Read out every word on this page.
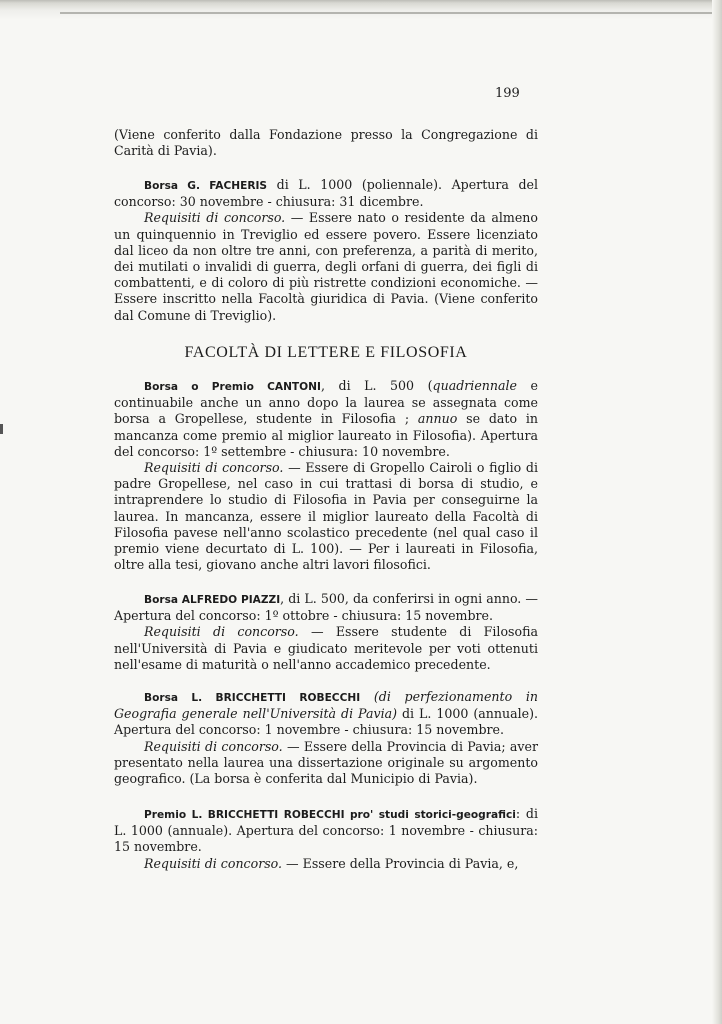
199

(Viene conferito dalla Fondazione presso la Congregazione di Carità di Pavia).

Borsa G. FACHERIS di L. 1000 (poliennale). Apertura del concorso: 30 novembre - chiusura: 31 dicembre.

Requisiti di concorso. — Essere nato o residente da almeno un quinquennio in Treviglio ed essere povero. Essere licenziato dal liceo da non oltre tre anni, con preferenza, a parità di merito, dei mutilati o invalidi di guerra, degli orfani di guerra, dei figli di combattenti, e di coloro di più ristrette condizioni economiche. — Essere inscritto nella Facoltà giuridica di Pavia. (Viene conferito dal Comune di Treviglio).

FACOLTÀ DI LETTERE E FILOSOFIA

Borsa o Premio CANTONI, di L. 500 (quadriennale e continuabile anche un anno dopo la laurea se assegnata come borsa a Gropellese, studente in Filosofia ; annuo se dato in mancanza come premio al miglior laureato in Filosofia). Apertura del concorso: 1º settembre - chiusura: 10 novembre.

Requisiti di concorso. — Essere di Gropello Cairoli o figlio di padre Gropellese, nel caso in cui trattasi di borsa di studio, e intraprendere lo studio di Filosofia in Pavia per conseguirne la laurea. In mancanza, essere il miglior laureato della Facoltà di Filosofia pavese nell'anno scolastico precedente (nel qual caso il premio viene decurtato di L. 100). — Per i laureati in Filosofia, oltre alla tesi, giovano anche altri lavori filosofici.

Borsa ALFREDO PIAZZI, di L. 500, da conferirsi in ogni anno. — Apertura del concorso: 1º ottobre - chiusura: 15 novembre.

Requisiti di concorso. — Essere studente di Filosofia nell'Università di Pavia e giudicato meritevole per voti ottenuti nell'esame di maturità o nell'anno accademico precedente.

Borsa L. BRICCHETTI ROBECCHI (di perfezionamento in Geografia generale nell'Università di Pavia) di L. 1000 (annuale). Apertura del concorso: 1 novembre - chiusura: 15 novembre.

Requisiti di concorso. — Essere della Provincia di Pavia; aver presentato nella laurea una dissertazione originale su argomento geografico. (La borsa è conferita dal Municipio di Pavia).

Premio L. BRICCHETTI ROBECCHI pro' studi storici-geografici: di L. 1000 (annuale). Apertura del concorso: 1 novembre - chiusura: 15 novembre.

Requisiti di concorso. — Essere della Provincia di Pavia, e,
